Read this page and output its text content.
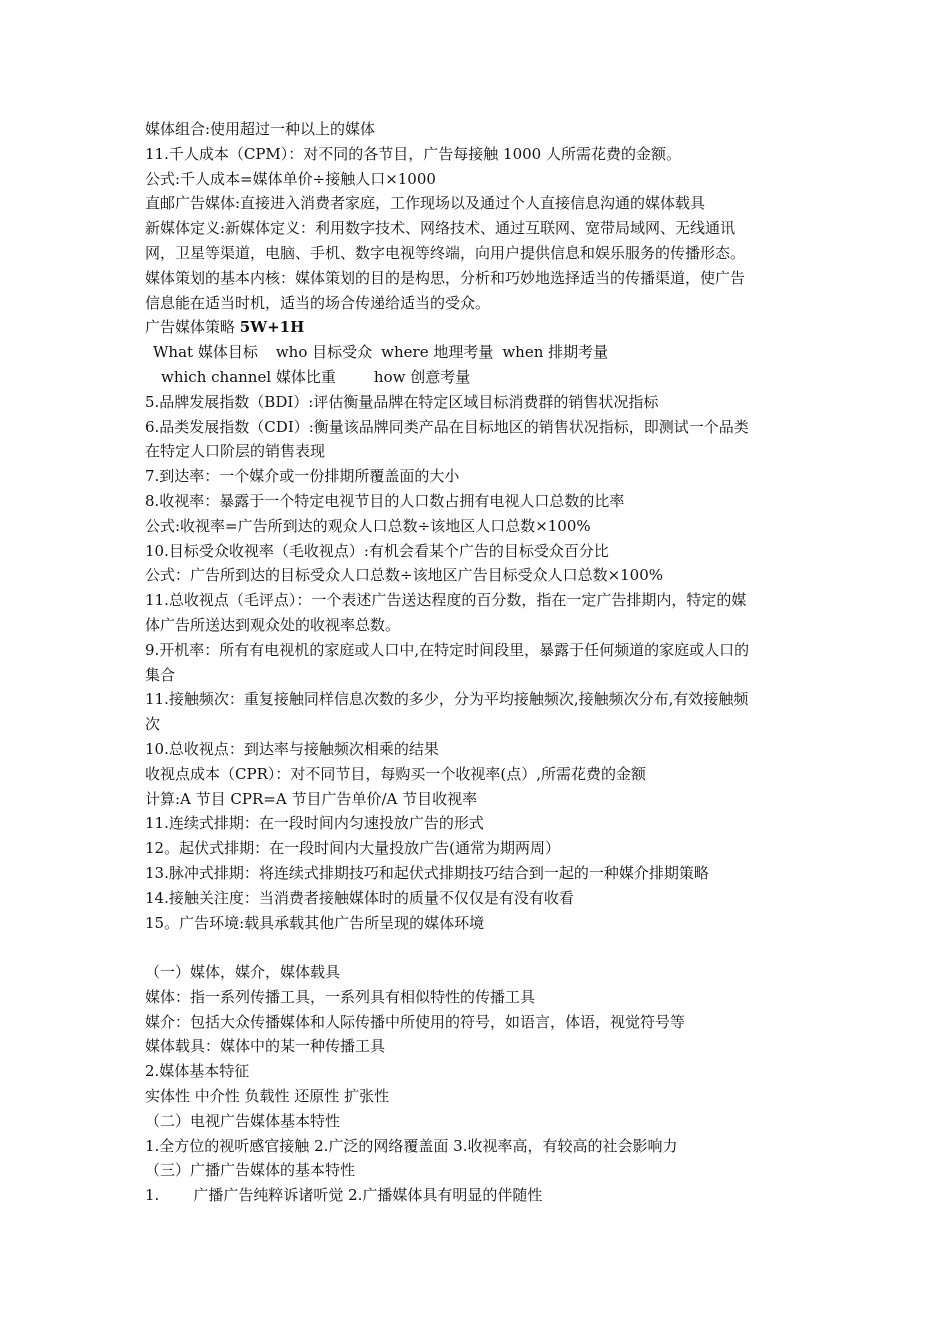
媒体组合:使用超过一种以上的媒体
11.千人成本（CPM）：对不同的各节目，广告每接触 1000 人所需花费的金额。
公式:千人成本=媒体单价÷接触人口×1000
直邮广告媒体:直接进入消费者家庭，工作现场以及通过个人直接信息沟通的媒体载具
新媒体定义:新媒体定义：利用数字技术、网络技术、通过互联网、宽带局域网、无线通讯
网，卫星等渠道，电脑、手机、数字电视等终端，向用户提供信息和娱乐服务的传播形态。
媒体策划的基本内核：媒体策划的目的是构思，分析和巧妙地选择适当的传播渠道，使广告
信息能在适当时机，适当的场合传递给适当的受众。
广告媒体策略 5W+1H
What 媒体目标 who 目标受众 where 地理考量 when 排期考量
which channel 媒体比重	how 创意考量
5.品牌发展指数（BDI）:评估衡量品牌在特定区域目标消费群的销售状况指标
6.品类发展指数（CDI）:衡量该品牌同类产品在目标地区的销售状况指标，即测试一个品类
在特定人口阶层的销售表现
7.到达率：一个媒介或一份排期所覆盖面的大小
8.收视率：暴露于一个特定电视节目的人口数占拥有电视人口总数的比率
公式:收视率=广告所到达的观众人口总数÷该地区人口总数×100%
10.目标受众收视率（毛收视点）:有机会看某个广告的目标受众百分比
公式：广告所到达的目标受众人口总数÷该地区广告目标受众人口总数×100%
11.总收视点（毛评点）：一个表述广告送达程度的百分数，指在一定广告排期内，特定的媒
体广告所送达到观众处的收视率总数。
9.开机率：所有有电视机的家庭或人口中,在特定时间段里，暴露于任何频道的家庭或人口的
集合
11.接触频次：重复接触同样信息次数的多少，分为平均接触频次,接触频次分布,有效接触频
次
10.总收视点：到达率与接触频次相乘的结果
收视点成本（CPR）：对不同节目，每购买一个收视率(点）,所需花费的金额
计算:A 节目 CPR=A 节目广告单价/A 节目收视率
11.连续式排期：在一段时间内匀速投放广告的形式
12。起伏式排期：在一段时间内大量投放广告(通常为期两周）
13.脉冲式排期：将连续式排期技巧和起伏式排期技巧结合到一起的一种媒介排期策略
14.接触关注度：当消费者接触媒体时的质量不仅仅是有没有收看
15。广告环境:载具承载其他广告所呈现的媒体环境
（一）媒体，媒介，媒体载具
媒体：指一系列传播工具，一系列具有相似特性的传播工具
媒介：包括大众传播媒体和人际传播中所使用的符号，如语言，体语，视觉符号等
媒体载具：媒体中的某一种传播工具
2.媒体基本特征
实体性 中介性 负载性 还原性 扩张性
（二）电视广告媒体基本特性
1.全方位的视听感官接触 2.广泛的网络覆盖面 3.收视率高，有较高的社会影响力
（三）广播广告媒体的基本特性
1. 广播广告纯粹诉诸听觉 2.广播媒体具有明显的伴随性
